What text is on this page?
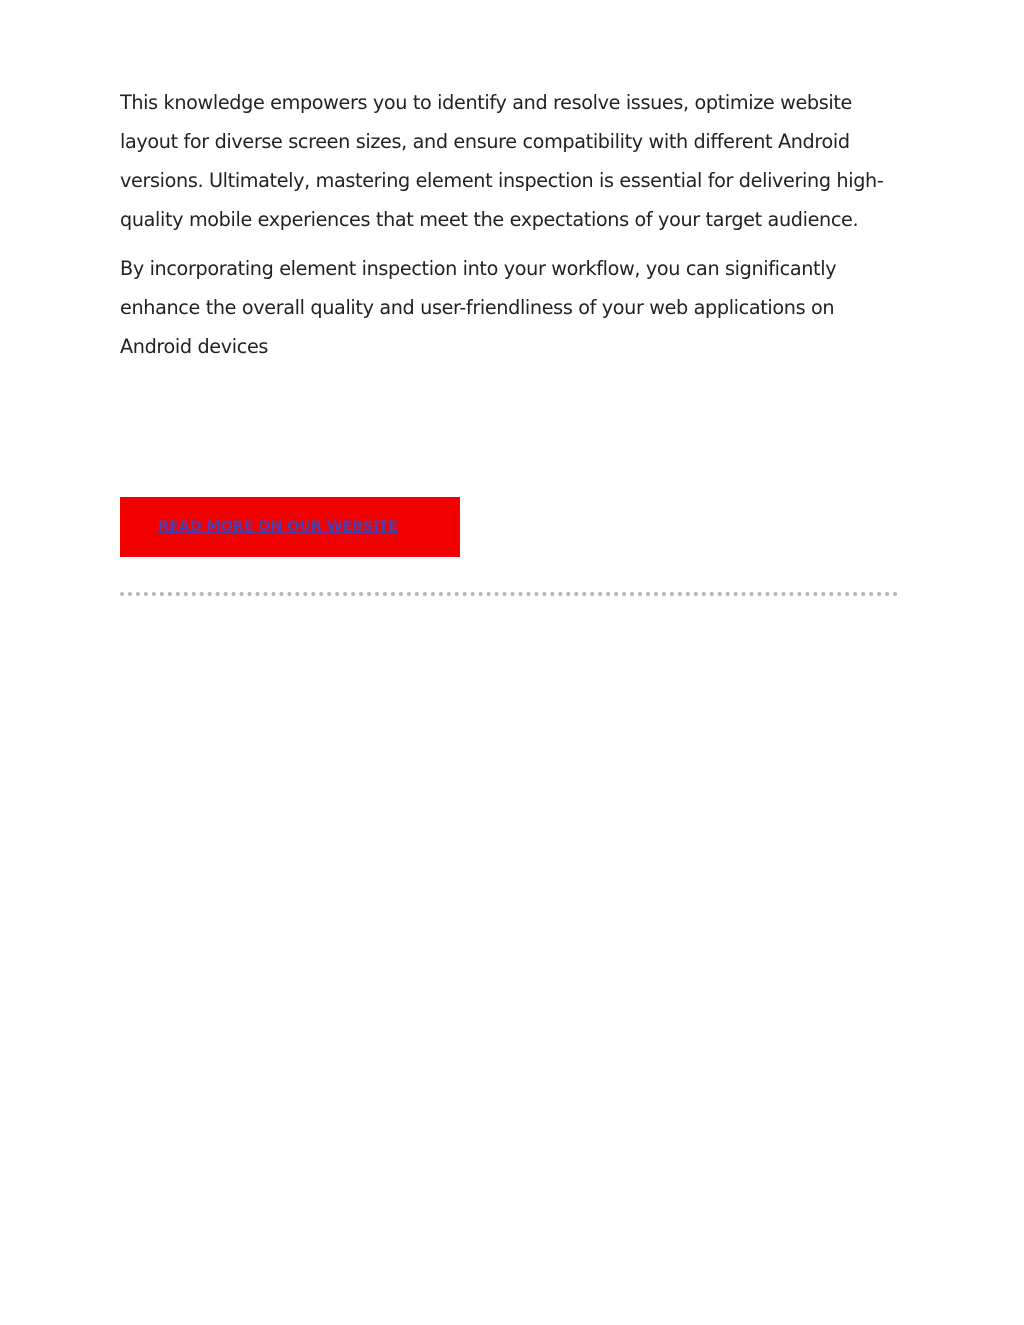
This knowledge empowers you to identify and resolve issues, optimize website layout for diverse screen sizes, and ensure compatibility with different Android versions. Ultimately, mastering element inspection is essential for delivering high-quality mobile experiences that meet the expectations of your target audience.

By incorporating element inspection into your workflow, you can significantly enhance the overall quality and user-friendliness of your web applications on Android devices

READ MORE ON OUR WEBSITE
